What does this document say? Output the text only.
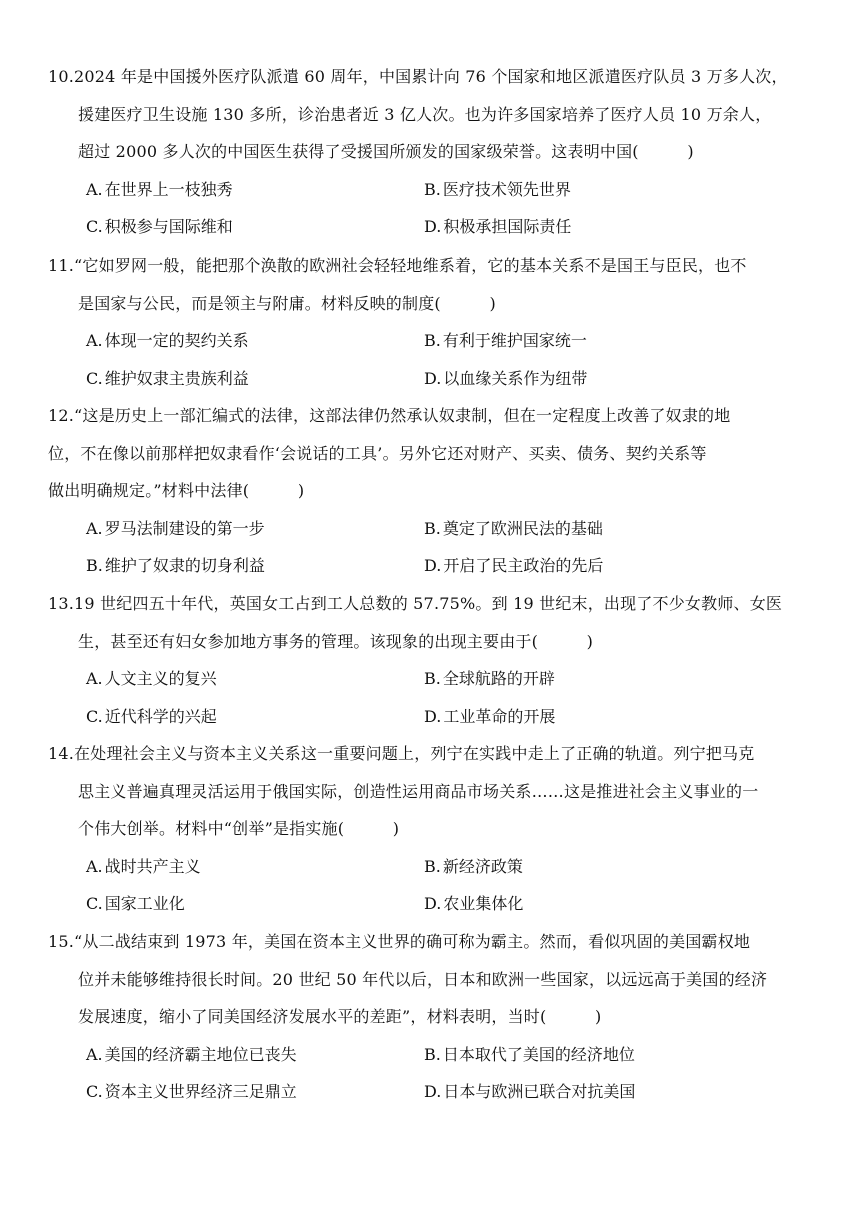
10.2024 年是中国援外医疗队派遣 60 周年，中国累计向 76 个国家和地区派遣医疗队员 3 万多人次，
援建医疗卫生设施 130 多所，诊治患者近 3 亿人次。也为许多国家培养了医疗人员 10 万余人，
超过 2000 多人次的中国医生获得了受援国所颁发的国家级荣誉。这表明中国(　　　)

A. 在世界上一枝独秀	B. 医疗技术领先世界
C. 积极参与国际维和	D. 积极承担国际责任

11.“它如罗网一般，能把那个涣散的欧洲社会轻轻地维系着，它的基本关系不是国王与臣民，也不
是国家与公民，而是领主与附庸。材料反映的制度(　　　)

A. 体现一定的契约关系	B. 有利于维护国家统一
C. 维护奴隶主贵族利益	D. 以血缘关系作为纽带

12.“这是历史上一部汇编式的法律，这部法律仍然承认奴隶制，但在一定程度上改善了奴隶的地
位，不在像以前那样把奴隶看作‘会说话的工具’。另外它还对财产、买卖、债务、契约关系等
做出明确规定。”材料中法律(　　　)

A. 罗马法制建设的第一步	B. 奠定了欧洲民法的基础
B. 维护了奴隶的切身利益	D. 开启了民主政治的先后

13.19 世纪四五十年代，英国女工占到工人总数的 57.75%。到 19 世纪末，出现了不少女教师、女医
生，甚至还有妇女参加地方事务的管理。该现象的出现主要由于(　　　)

A. 人文主义的复兴	B. 全球航路的开辟
C. 近代科学的兴起	D. 工业革命的开展

14.在处理社会主义与资本主义关系这一重要问题上，列宁在实践中走上了正确的轨道。列宁把马克
思主义普遍真理灵活运用于俄国实际，创造性运用商品市场关系……这是推进社会主义事业的一
个伟大创举。材料中“创举”是指实施(　　　)

A. 战时共产主义	B. 新经济政策
C. 国家工业化	D. 农业集体化

15.“从二战结束到 1973 年，美国在资本主义世界的确可称为霸主。然而，看似巩固的美国霸权地
位并未能够维持很长时间。20 世纪 50 年代以后，日本和欧洲一些国家，以远远高于美国的经济
发展速度，缩小了同美国经济发展水平的差距”，材料表明，当时(　　　)

A. 美国的经济霸主地位已丧失	B. 日本取代了美国的经济地位
C. 资本主义世界经济三足鼎立	D. 日本与欧洲已联合对抗美国
